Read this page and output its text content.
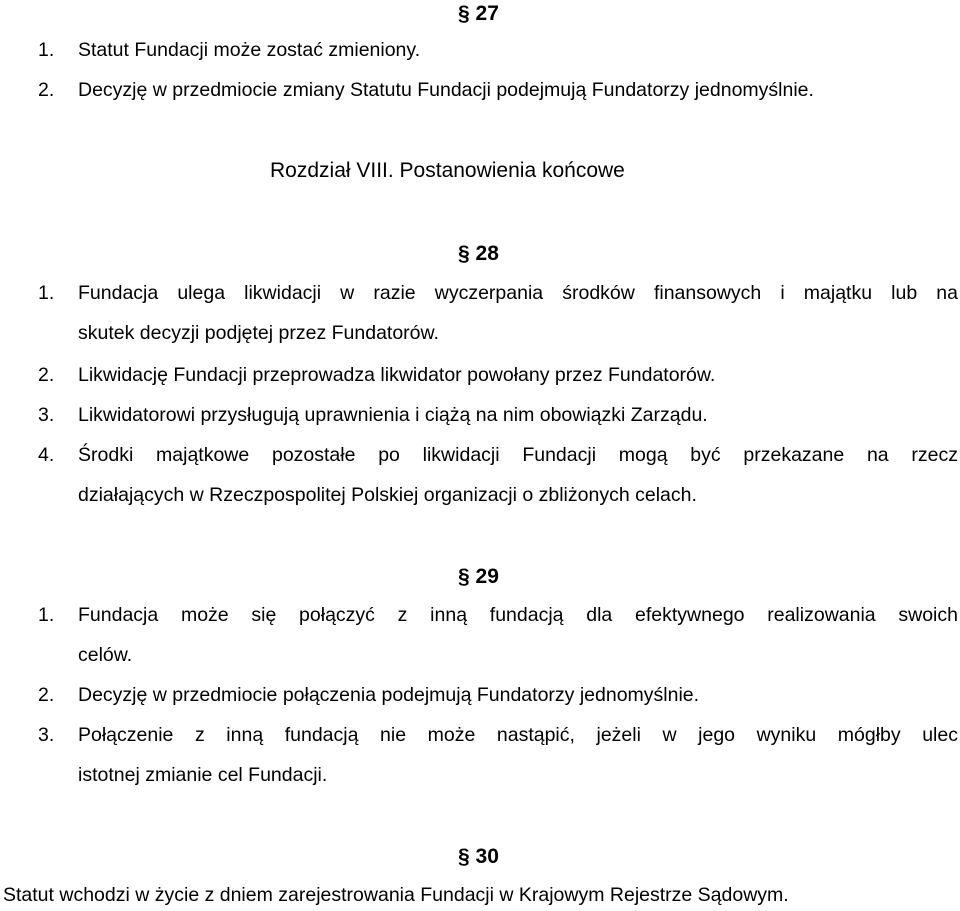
§ 27
1.	Statut Fundacji może zostać zmieniony.
2.	Decyzję w przedmiocie zmiany Statutu Fundacji podejmują Fundatorzy jednomyślnie.
Rozdział VIII. Postanowienia końcowe
§ 28
1.	Fundacja ulega likwidacji w razie wyczerpania środków finansowych i majątku lub na
skutek decyzji podjętej przez Fundatorów.
2.	Likwidację Fundacji przeprowadza likwidator powołany przez Fundatorów.
3.	Likwidatorowi przysługują uprawnienia i ciążą na nim obowiązki Zarządu.
4.	Środki majątkowe pozostałe po likwidacji Fundacji mogą być przekazane na rzecz
działających w Rzeczpospolitej Polskiej organizacji o zbliżonych celach.
§ 29
1.	Fundacja może się połączyć z inną fundacją dla efektywnego realizowania swoich
celów.
2.	Decyzję w przedmiocie połączenia podejmują Fundatorzy jednomyślnie.
3.	Połączenie z inną fundacją nie może nastąpić, jeżeli w jego wyniku mógłby ulec
istotnej zmianie cel Fundacji.
§ 30
Statut wchodzi w życie z dniem zarejestrowania Fundacji w Krajowym Rejestrze Sądowym.
